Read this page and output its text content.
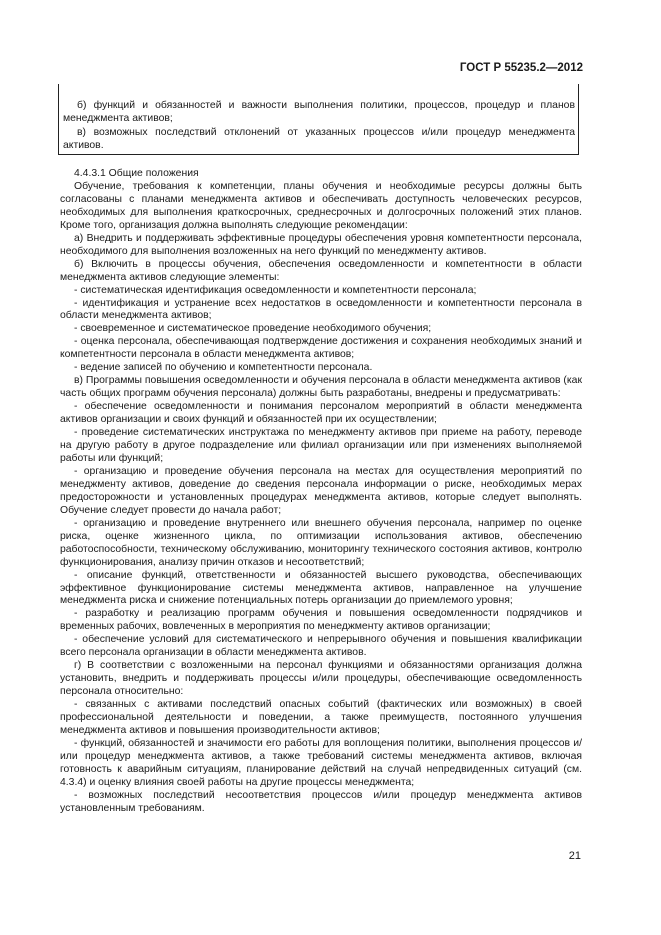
ГОСТ Р 55235.2—2012

б) функций и обязанностей и важности выполнения политики, процессов, процедур и планов менеджмента активов;

в) возможных последствий отклонений от указанных процессов и/или процедур менеджмента активов.

4.4.3.1 Общие положения

Обучение, требования к компетенции, планы обучения и необходимые ресурсы должны быть согласованы с планами менеджмента активов и обеспечивать доступность человеческих ресурсов, необходимых для выполнения краткосрочных, среднесрочных и долгосрочных положений этих планов. Кроме того, организация должна выполнять следующие рекомендации:

а) Внедрить и поддерживать эффективные процедуры обеспечения уровня компетентности персонала, необходимого для выполнения возложенных на него функций по менеджменту активов.

б) Включить в процессы обучения, обеспечения осведомленности и компетентности в области менеджмента активов следующие элементы:

- систематическая идентификация осведомленности и компетентности персонала;

- идентификация и устранение всех недостатков в осведомленности и компетентности персонала в области менеджмента активов;

- своевременное и систематическое проведение необходимого обучения;

- оценка персонала, обеспечивающая подтверждение достижения и сохранения необходимых знаний и компетентности персонала в области менеджмента активов;

- ведение записей по обучению и компетентности персонала.

в) Программы повышения осведомленности и обучения персонала в области менеджмента активов (как часть общих программ обучения персонала) должны быть разработаны, внедрены и предусматривать:

- обеспечение осведомленности и понимания персоналом мероприятий в области менеджмента активов организации и своих функций и обязанностей при их осуществлении;

- проведение систематических инструктажа по менеджменту активов при приеме на работу, переводе на другую работу в другое подразделение или филиал организации или при изменениях выполняемой работы или функций;

- организацию и проведение обучения персонала на местах для осуществления мероприятий по менеджменту активов, доведение до сведения персонала информации о риске, необходимых мерах предосторожности и установленных процедурах менеджмента активов, которые следует выполнять. Обучение следует провести до начала работ;

- организацию и проведение внутреннего или внешнего обучения персонала, например по оценке риска, оценке жизненного цикла, по оптимизации использования активов, обеспечению работоспособности, техническому обслуживанию, мониторингу технического состояния активов, контролю функционирования, анализу причин отказов и несоответствий;

- описание функций, ответственности и обязанностей высшего руководства, обеспечивающих эффективное функционирование системы менеджмента активов, направленное на улучшение менеджмента риска и снижение потенциальных потерь организации до приемлемого уровня;

- разработку и реализацию программ обучения и повышения осведомленности подрядчиков и временных рабочих, вовлеченных в мероприятия по менеджменту активов организации;

- обеспечение условий для систематического и непрерывного обучения и повышения квалификации всего персонала организации в области менеджмента активов.

г) В соответствии с возложенными на персонал функциями и обязанностями организация должна установить, внедрить и поддерживать процессы и/или процедуры, обеспечивающие осведомленность персонала относительно:

- связанных с активами последствий опасных событий (фактических или возможных) в своей профессиональной деятельности и поведении, а также преимуществ, постоянного улучшения менеджмента активов и повышения производительности активов;

- функций, обязанностей и значимости его работы для воплощения политики, выполнения процессов и/или процедур менеджмента активов, а также требований системы менеджмента активов, включая готовность к аварийным ситуациям, планирование действий на случай непредвиденных ситуаций (см. 4.3.4) и оценку влияния своей работы на другие процессы менеджмента;

- возможных последствий несоответствия процессов и/или процедур менеджмента активов установленным требованиям.

21
